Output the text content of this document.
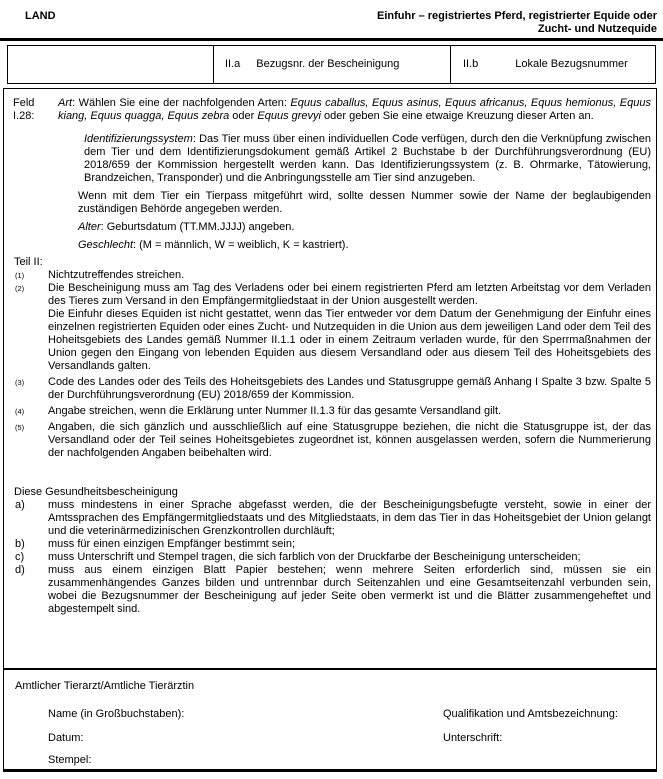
LAND	Einfuhr – registriertes Pferd, registrierter Equide oder
Zucht- und Nutzequide
II.a Bezugsnr. der Bescheinigung	II.b	Lokale Bezugsnummer
Feld I.28:
Art: Wählen Sie eine der nachfolgenden Arten: Equus caballus, Equus asinus, Equus africanus, Equus hemionus, Equus kiang, Equus quagga, Equus zebra oder Equus grevyi oder geben Sie eine etwaige Kreuzung dieser Arten an.
Identifizierungssystem: Das Tier muss über einen individuellen Code verfügen, durch den die Verknüpfung zwischen dem Tier und dem Identifizierungsdokument gemäß Artikel 2 Buchstabe b der Durchführungsverordnung (EU) 2018/659 der Kommission hergestellt werden kann. Das Identifizierungssystem (z. B. Ohrmarke, Tätowierung, Brandzeichen, Transponder) und die Anbringungsstelle am Tier sind anzugeben.
Wenn mit dem Tier ein Tierpass mitgeführt wird, sollte dessen Nummer sowie der Name der beglaubigenden zuständigen Behörde angegeben werden.
Alter: Geburtsdatum (TT.MM.JJJJ) angeben.
Geschlecht: (M = männlich, W = weiblich, K = kastriert).
Teil II:
(1)	Nichtzutreffendes streichen.
(2)	Die Bescheinigung muss am Tag des Verladens oder bei einem registrierten Pferd am letzten Arbeitstag vor dem Verladen des Tieres zum Versand in den Empfängermitgliedstaat in der Union ausgestellt werden.
Die Einfuhr dieses Equiden ist nicht gestattet, wenn das Tier entweder vor dem Datum der Genehmigung der Einfuhr eines einzelnen registrierten Equiden oder eines Zucht- und Nutzequiden in die Union aus dem jeweiligen Land oder dem Teil des Hoheitsgebiets des Landes gemäß Nummer II.1.1 oder in einem Zeitraum verladen wurde, für den Sperrmaßnahmen der Union gegen den Eingang von lebenden Equiden aus diesem Versandland oder aus diesem Teil des Hoheitsgebiets des Versandlands galten.
(3)	Code des Landes oder des Teils des Hoheitsgebiets des Landes und Statusgruppe gemäß Anhang I Spalte 3 bzw. Spalte 5 der Durchführungsverordnung (EU) 2018/659 der Kommission.
(4)	Angabe streichen, wenn die Erklärung unter Nummer II.1.3 für das gesamte Versandland gilt.
(5)	Angaben, die sich gänzlich und ausschließlich auf eine Statusgruppe beziehen, die nicht die Statusgruppe ist, der das Versandland oder der Teil seines Hoheitsgebietes zugeordnet ist, können ausgelassen werden, sofern die Nummerierung der nachfolgenden Angaben beibehalten wird.
Diese Gesundheitsbescheinigung
a)	muss mindestens in einer Sprache abgefasst werden, die der Bescheinigungsbefugte versteht, sowie in einer der Amtssprachen des Empfängermitgliedstaats und des Mitgliedstaats, in dem das Tier in das Hoheitsgebiet der Union gelangt und die veterinärmedizinischen Grenzkontrollen durchläuft;
b)	muss für einen einzigen Empfänger bestimmt sein;
c)	muss Unterschrift und Stempel tragen, die sich farblich von der Druckfarbe der Bescheinigung unterscheiden;
d)	muss aus einem einzigen Blatt Papier bestehen; wenn mehrere Seiten erforderlich sind, müssen sie ein zusammenhängendes Ganzes bilden und untrennbar durch Seitenzahlen und eine Gesamtseitenzahl verbunden sein, wobei die Bezugsnummer der Bescheinigung auf jeder Seite oben vermerkt ist und die Blätter zusammengeheftet und abgestempelt sind.
Amtlicher Tierarzt/Amtliche Tierärztin
Name (in Großbuchstaben):	Qualifikation und Amtsbezeichnung:
Datum:	Unterschrift:
Stempel:
